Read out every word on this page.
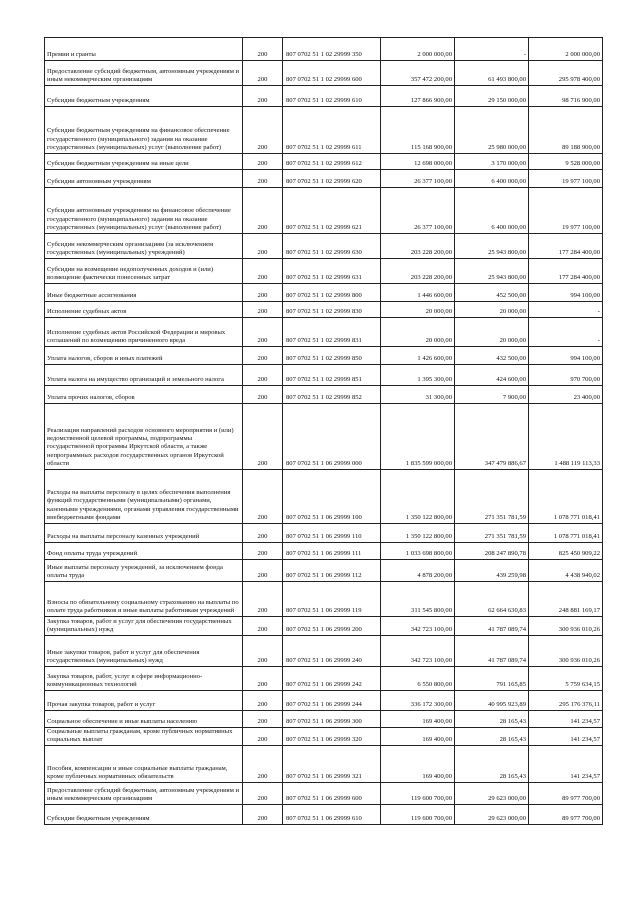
Премии и гранты	200	807 0702 51 1 02 29999 350	2 000 000,00	-	2 000 000,00
Предоставление субсидий бюджетным, автономным учреждениям и иным некоммерческим организациям	200	807 0702 51 1 02 29999 600	357 472 200,00	61 493 800,00	295 978 400,00
Субсидии бюджетным учреждениям	200	807 0702 51 1 02 29999 610	127 866 900,00	29 150 000,00	98 716 900,00
Субсидии бюджетным учреждениям на финансовое обеспечение государственного (муниципального) задания на оказание государственных (муниципальных) услуг (выполнение работ)	200	807 0702 51 1 02 29999 611	115 168 900,00	25 980 000,00	89 188 900,00
Субсидии бюджетным учреждениям на иные цели	200	807 0702 51 1 02 29999 612	12 698 000,00	3 170 000,00	9 528 000,00
Субсидии автономным учреждениям	200	807 0702 51 1 02 29999 620	26 377 100,00	6 400 000,00	19 977 100,00
Субсидии автономным учреждениям на финансовое обеспечение государственного (муниципального) задания на оказание государственных (муниципальных) услуг (выполнение работ)	200	807 0702 51 1 02 29999 621	26 377 100,00	6 400 000,00	19 977 100,00
Субсидии некоммерческим организациям (за исключением государственных (муниципальных) учреждений)	200	807 0702 51 1 02 29999 630	203 228 200,00	25 943 800,00	177 284 400,00
Субсидии на возмещение недополученных доходов и (или) возмещение фактически понесенных затрат	200	807 0702 51 1 02 29999 631	203 228 200,00	25 943 800,00	177 284 400,00
Иные бюджетные ассигнования	200	807 0702 51 1 02 29999 800	1 446 600,00	452 500,00	994 100,00
Исполнение судебных актов	200	807 0702 51 1 02 29999 830	20 000,00	20 000,00	-
Исполнение судебных актов Российской Федерации и мировых соглашений по возмещению причиненного вреда	200	807 0702 51 1 02 29999 831	20 000,00	20 000,00	-
Уплата налогов, сборов и иных платежей	200	807 0702 51 1 02 29999 850	1 426 600,00	432 500,00	994 100,00
Уплата налога на имущество организаций и земельного налога	200	807 0702 51 1 02 29999 851	1 395 300,00	424 600,00	970 700,00
Уплата прочих налогов, сборов	200	807 0702 51 1 02 29999 852	31 300,00	7 900,00	23 400,00
Реализация направлений расходов основного мероприятия и (или) ведомственной целевой программы, подпрограммы государственной программы Иркутской области, а также непрограммных расходов государственных органов Иркутской области	200	807 0702 51 1 06 29999 000	1 835 599 000,00	347 479 886,67	1 488 119 113,33
Расходы на выплаты персоналу в целях обеспечения выполнения функций государственными (муниципальными) органами, казенными учреждениями, органами управления государственными внебюджетными фондами	200	807 0702 51 1 06 29999 100	1 350 122 800,00	271 351 781,59	1 078 771 018,41
Расходы на выплаты персоналу казенных учреждений	200	807 0702 51 1 06 29999 110	1 350 122 800,00	271 351 781,59	1 078 771 018,41
Фонд оплаты труда учреждений	200	807 0702 51 1 06 29999 111	1 033 698 800,00	208 247 890,78	825 450 909,22
Иные выплаты персоналу учреждений, за исключением фонда оплаты труда	200	807 0702 51 1 06 29999 112	4 878 200,00	439 259,98	4 438 940,02
Взносы по обязательному социальному страхованию на выплаты по оплате труда работников и иные выплаты работникам учреждений	200	807 0702 51 1 06 29999 119	311 545 800,00	62 664 630,83	248 881 169,17
Закупка товаров, работ и услуг для обеспечения государственных (муниципальных) нужд	200	807 0702 51 1 06 29999 200	342 723 100,00	41 787 089,74	300 936 010,26
Иные закупки товаров, работ и услуг для обеспечения государственных (муниципальных) нужд	200	807 0702 51 1 06 29999 240	342 723 100,00	41 787 089,74	300 936 010,26
Закупка товаров, работ, услуг в сфере информационно-коммуникационных технологий	200	807 0702 51 1 06 29999 242	6 550 800,00	791 165,85	5 759 634,15
Прочая закупка товаров, работ и услуг	200	807 0702 51 1 06 29999 244	336 172 300,00	40 995 923,89	295 176 376,11
Социальное обеспечение и иные выплаты населению	200	807 0702 51 1 06 29999 300	169 400,00	28 165,43	141 234,57
Социальные выплаты гражданам, кроме публичных нормативных социальных выплат	200	807 0702 51 1 06 29999 320	169 400,00	28 165,43	141 234,57
Пособия, компенсации и иные социальные выплаты гражданам, кроме публичных нормативных обязательств	200	807 0702 51 1 06 29999 321	169 400,00	28 165,43	141 234,57
Предоставление субсидий бюджетным, автономным учреждениям и иным некоммерческим организациям	200	807 0702 51 1 06 29999 600	119 600 700,00	29 623 000,00	89 977 700,00
Субсидии бюджетным учреждениям	200	807 0702 51 1 06 29999 610	119 600 700,00	29 623 000,00	89 977 700,00
